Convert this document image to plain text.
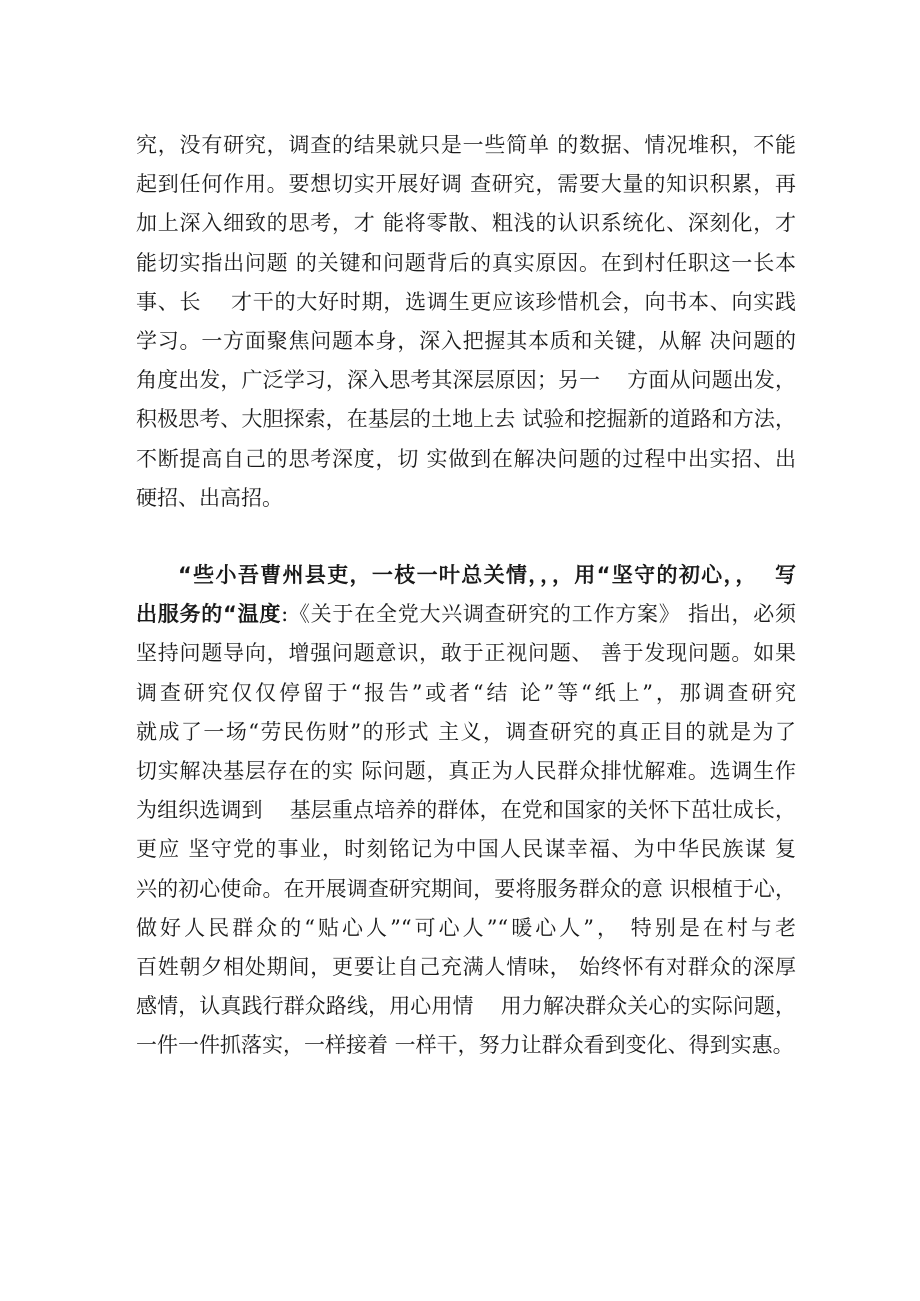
究，没有研究，调查的结果就只是一些简单 的数据、情况堆积，不能
起到任何作用。要想切实开展好调 查研究，需要大量的知识积累，再
加上深入细致的思考，才 能将零散、粗浅的认识系统化、深刻化，才
能切实指出问题 的关键和问题背后的真实原因。在到村任职这一长本
事、长    才干的大好时期，选调生更应该珍惜机会，向书本、向实践
学习。一方面聚焦问题本身，深入把握其本质和关键，从解 决问题的
角度出发，广泛学习，深入思考其深层原因；另一    方面从问题出发，
积极思考、大胆探索，在基层的土地上去 试验和挖掘新的道路和方法，
不断提高自己的思考深度，切 实做到在解决问题的过程中出实招、出
硬招、出高招。
“些小吾曹州县吏，一枝一叶总关情，，，用“坚守的初心，，  写
出服务的“温度:《关于在全党大兴调查研究的工作方案》 指出，必须
坚持问题导向，增强问题意识，敢于正视问题、 善于发现问题。如果
调查研究仅仅停留于“报告”或者“结 论”等“纸上”，那调查研究
就成了一场“劳民伤财”的形式 主义，调查研究的真正目的就是为了
切实解决基层存在的实 际问题，真正为人民群众排忧解难。选调生作
为组织选调到    基层重点培养的群体，在党和国家的关怀下茁壮成长，
更应 坚守党的事业，时刻铭记为中国人民谋幸福、为中华民族谋 复
兴的初心使命。在开展调查研究期间，要将服务群众的意 识根植于心，
做好人民群众的“贴心人”“可心人”“暖心人”， 特别是在村与老
百姓朝夕相处期间，更要让自己充满人情味， 始终怀有对群众的深厚
感情，认真践行群众路线，用心用情    用力解决群众关心的实际问题，
一件一件抓落实，一样接着 一样干，努力让群众看到变化、得到实惠。
